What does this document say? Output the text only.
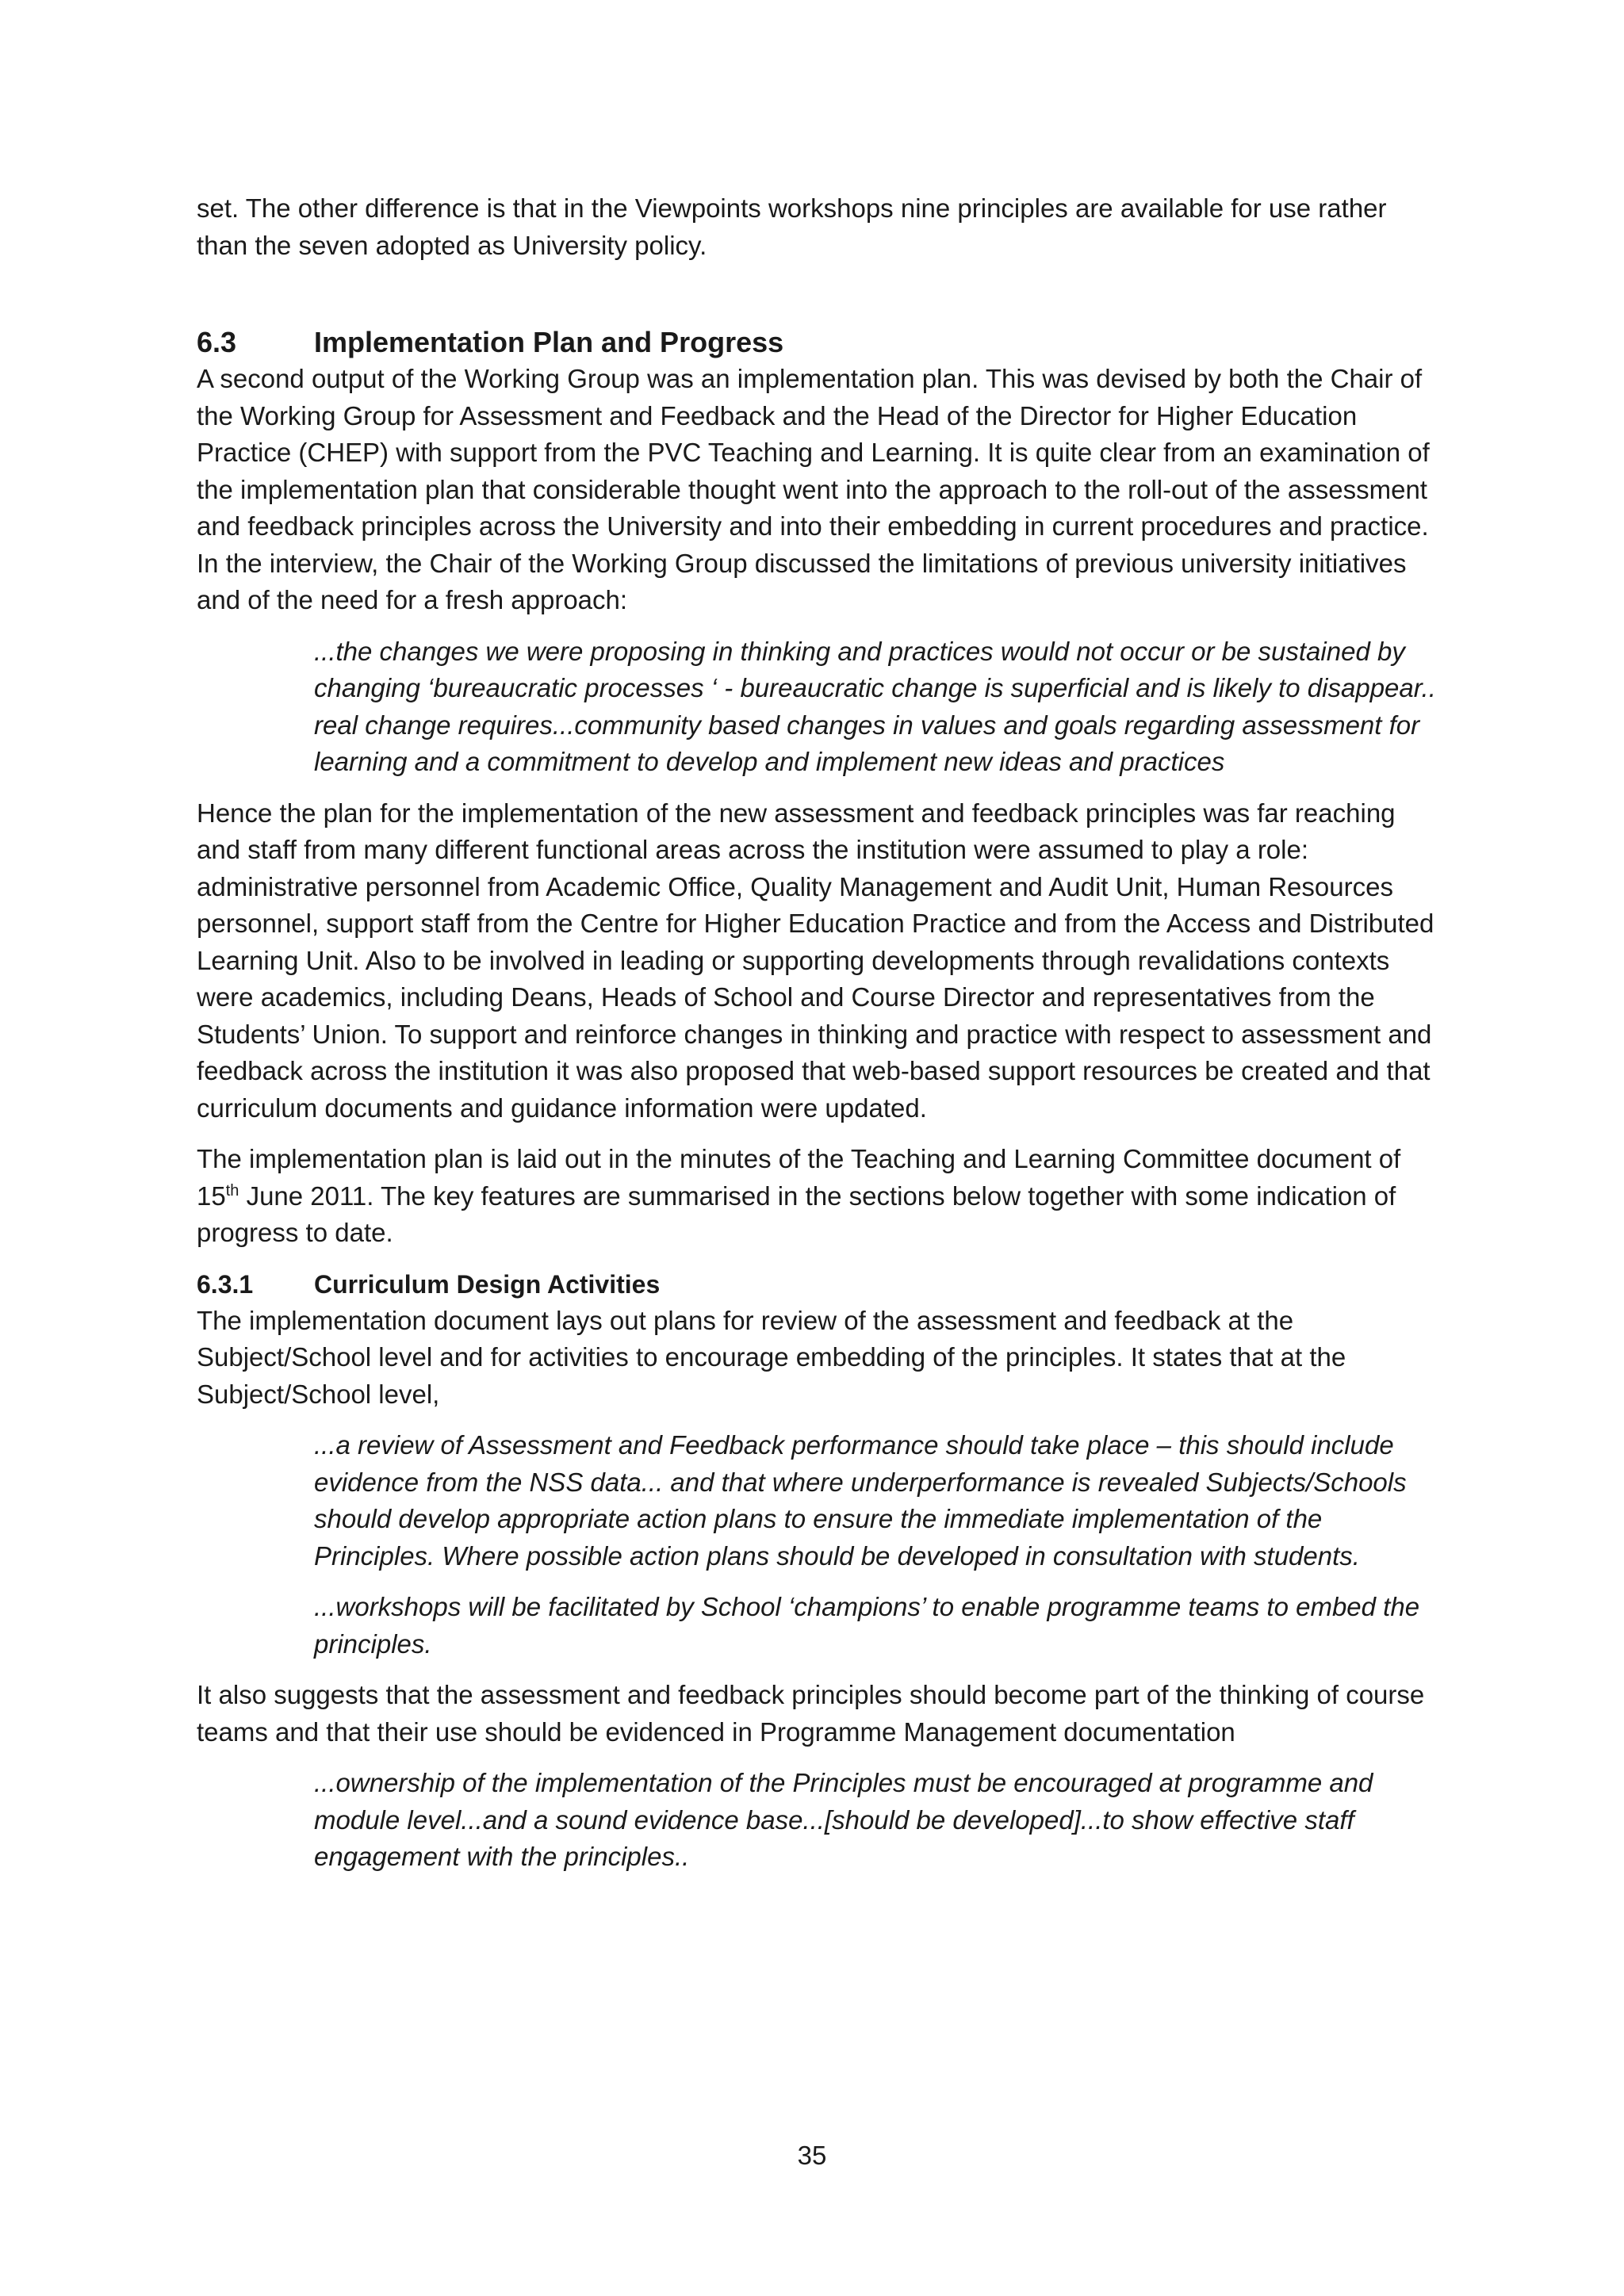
set. The other difference is that in the Viewpoints workshops nine principles are available for use rather than the seven adopted as University policy.

6.3	Implementation Plan and Progress

A second output of the Working Group was an implementation plan. This was devised by both the Chair of the Working Group for Assessment and Feedback and the Head of the Director for Higher Education Practice (CHEP) with support from the PVC Teaching and Learning. It is quite clear from an examination of the implementation plan that considerable thought went into the approach to the roll-out of the assessment and feedback principles across the University and into their embedding in current procedures and practice. In the interview, the Chair of the Working Group discussed the limitations of previous university initiatives and of the need for a fresh approach:

...the changes we were proposing in thinking and practices would not occur or be sustained by changing ‘bureaucratic processes ‘ - bureaucratic change is superficial and is likely to disappear.. real change requires...community based changes in values and goals regarding assessment for learning and a commitment to develop and implement new ideas and practices

Hence the plan for the implementation of the new assessment and feedback principles was far reaching and staff from many different functional areas across the institution were assumed to play a role: administrative personnel from Academic Office, Quality Management and Audit Unit, Human Resources personnel, support staff from the Centre for Higher Education Practice and from the Access and Distributed Learning Unit. Also to be involved in leading or supporting developments through revalidations contexts were academics, including Deans, Heads of School and Course Director and representatives from the Students’ Union. To support and reinforce changes in thinking and practice with respect to assessment and feedback across the institution it was also proposed that web-based support resources be created and that curriculum documents and guidance information were updated.

The implementation plan is laid out in the minutes of the Teaching and Learning Committee document of 15th June 2011. The key features are summarised in the sections below together with some indication of progress to date.

6.3.1	Curriculum Design Activities

The implementation document lays out plans for review of the assessment and feedback at the Subject/School level and for activities to encourage embedding of the principles. It states that at the Subject/School level,

...a review of Assessment and Feedback performance should take place – this should include evidence from the NSS data... and that where underperformance is revealed Subjects/Schools should develop appropriate action plans to ensure the immediate implementation of the Principles. Where possible action plans should be developed in consultation with students.

...workshops will be facilitated by School ‘champions’ to enable programme teams to embed the principles.

It also suggests that the assessment and feedback principles should become part of the thinking of course teams and that their use should be evidenced in Programme Management documentation

...ownership of the implementation of the Principles must be encouraged at programme and module level...and a sound evidence base...[should be developed]...to show effective staff engagement with the principles..

35
